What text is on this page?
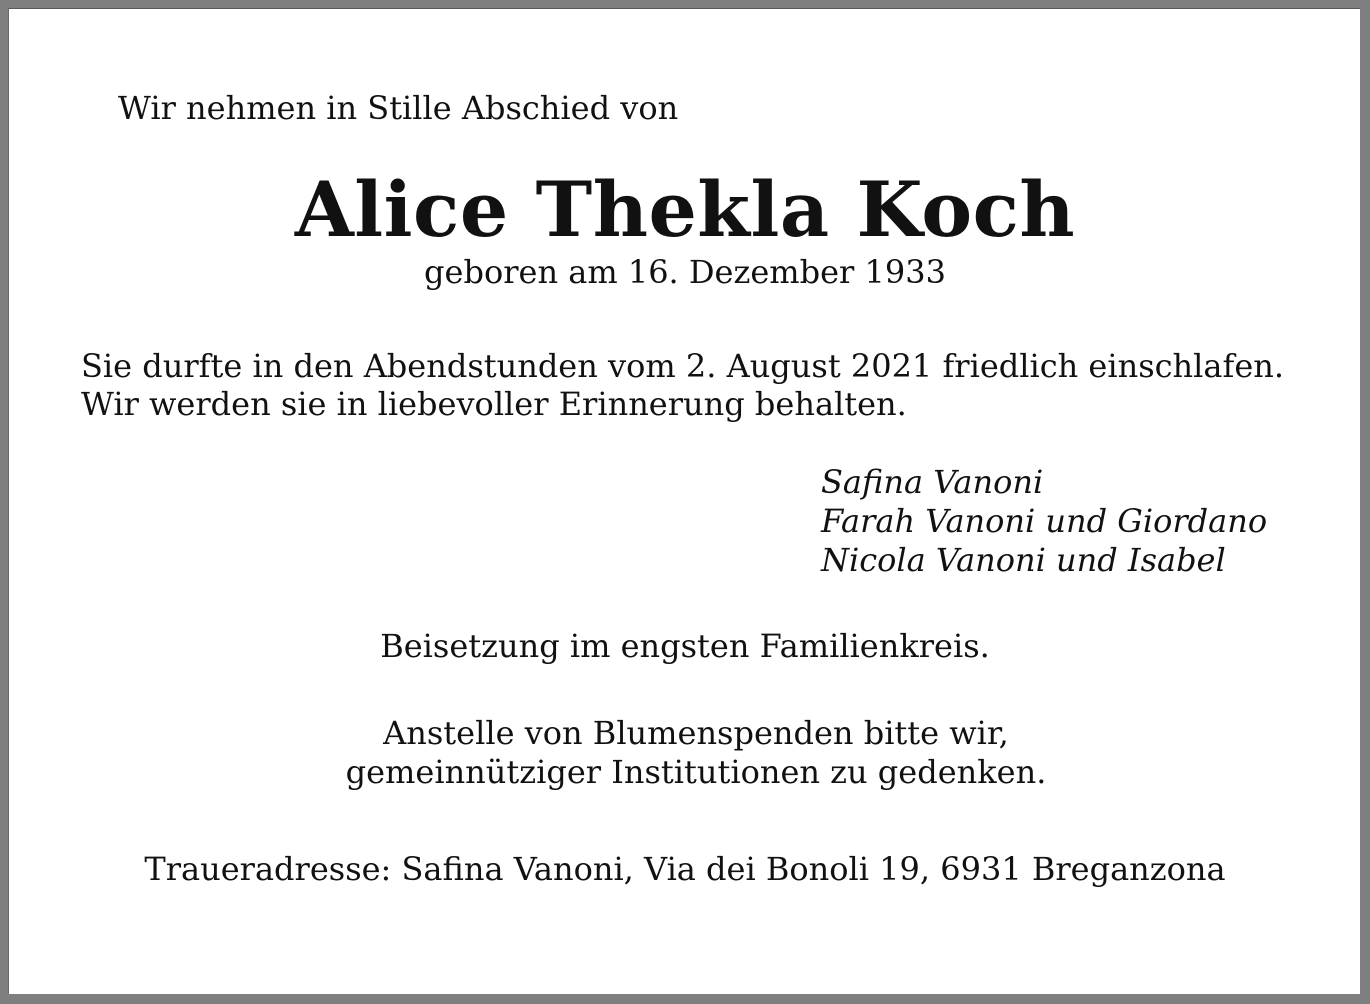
Wir nehmen in Stille Abschied von
Alice Thekla Koch
geboren am 16. Dezember 1933
Sie durfte in den Abendstunden vom 2. August 2021 friedlich einschlafen.
Wir werden sie in liebevoller Erinnerung behalten.
Safina Vanoni
Farah Vanoni und Giordano
Nicola Vanoni und Isabel
Beisetzung im engsten Familienkreis.
Anstelle von Blumenspenden bitte wir,
gemeinnütziger Institutionen zu gedenken.
Traueradresse: Safina Vanoni, Via dei Bonoli 19, 6931 Breganzona
